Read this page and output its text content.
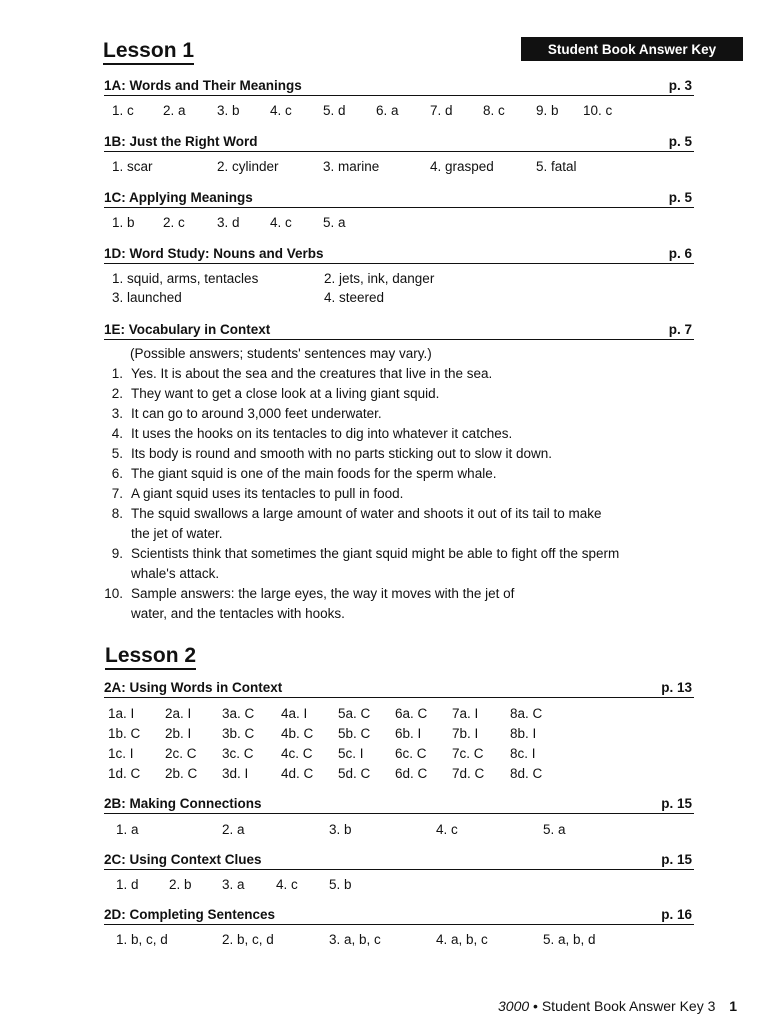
Lesson 1	Student Book Answer Key
1A: Words and Their Meanings	p. 3
1. c 2. a 3. b 4. c 5. d 6. a 7. d 8. c 9. b 10. c
1B: Just the Right Word	p. 5
1. scar	2. cylinder	3. marine	4. grasped	5. fatal
1C: Applying Meanings	p. 5
1. b 2. c 3. d 4. c 5. a
1D: Word Study: Nouns and Verbs	p. 6
1. squid, arms, tentacles	2. jets, ink, danger
3. launched	4. steered
1E: Vocabulary in Context	p. 7
(Possible answers; students' sentences may vary.)
1. Yes. It is about the sea and the creatures that live in the sea.
2. They want to get a close look at a living giant squid.
3. It can go to around 3,000 feet underwater.
4. It uses the hooks on its tentacles to dig into whatever it catches.
5. Its body is round and smooth with no parts sticking out to slow it down.
6. The giant squid is one of the main foods for the sperm whale.
7. A giant squid uses its tentacles to pull in food.
8. The squid swallows a large amount of water and shoots it out of its tail to make
the jet of water.
9. Scientists think that sometimes the giant squid might be able to fight off the sperm
whale's attack.
10. Sample answers: the large eyes, the way it moves with the jet of
water, and the tentacles with hooks.
Lesson 2
2A: Using Words in Context	p. 13
1a. I 2a. I 3a. C 4a. I 5a. C 6a. C 7a. I 8a. C
1b. C 2b. I 3b. C 4b. C 5b. C 6b. I 7b. I 8b. I
1c. I 2c. C 3c. C 4c. C 5c. I 6c. C 7c. C 8c. I
1d. C 2b. C 3d. I 4d. C 5d. C 6d. C 7d. C 8d. C
2B: Making Connections	p. 15
1. a	2. a	3. b	4. c	5. a
2C: Using Context Clues	p. 15
1. d 2. b 3. a 4. c 5. b
2D: Completing Sentences	p. 16
1. b, c, d	2. b, c, d	3. a, b, c	4. a, b, c	5. a, b, d
3000 • Student Book Answer Key 3 1
